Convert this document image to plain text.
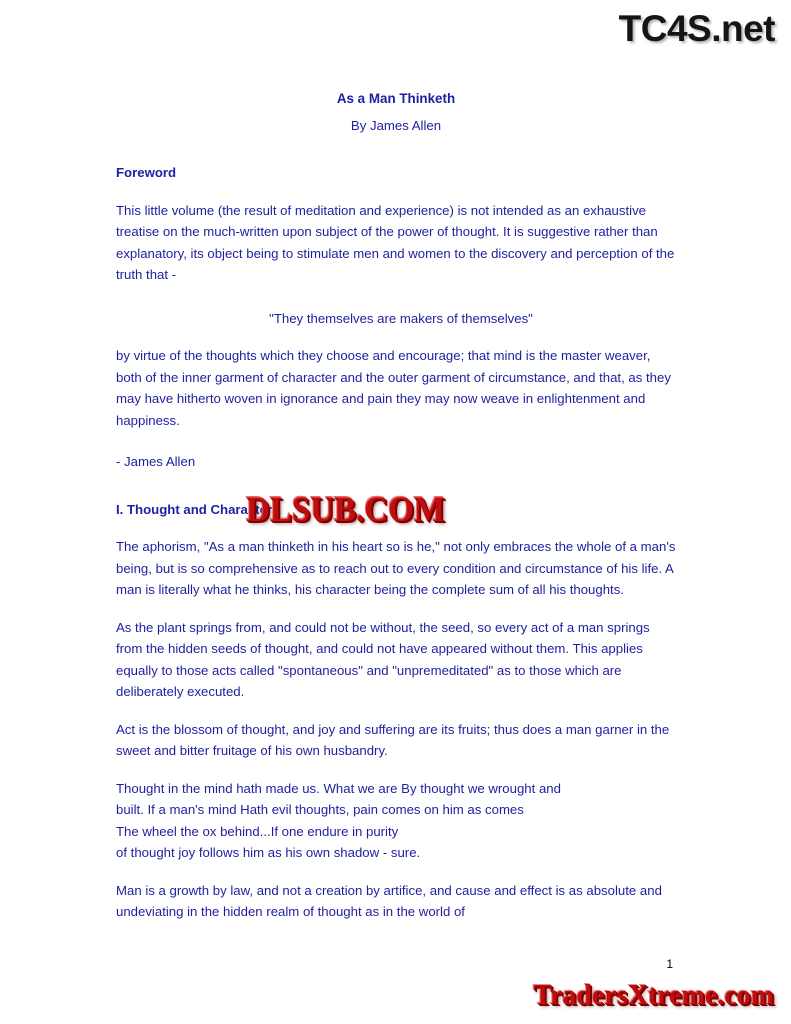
TC4S.net
As a Man Thinketh
By James Allen
Foreword

This little volume (the result of meditation and experience) is not intended as an exhaustive treatise on the much-written upon subject of the power of thought. It is suggestive rather than explanatory, its object being to stimulate men and women to the discovery and perception of the truth that -

"They themselves are makers of themselves"

by virtue of the thoughts which they choose and encourage; that mind is the master weaver, both of the inner garment of character and the outer garment of circumstance, and that, as they may have hitherto woven in ignorance and pain they may now weave in enlightenment and happiness.

- James Allen

I. Thought and Character

The aphorism, "As a man thinketh in his heart so is he," not only embraces the whole of a man's being, but is so comprehensive as to reach out to every condition and circumstance of his life. A man is literally what he thinks, his character being the complete sum of all his thoughts.

As the plant springs from, and could not be without, the seed, so every act of a man springs from the hidden seeds of thought, and could not have appeared without them. This applies equally to those acts called "spontaneous" and "unpremeditated" as to those which are deliberately executed.

Act is the blossom of thought, and joy and suffering are its fruits; thus does a man garner in the sweet and bitter fruitage of his own husbandry.

Thought in the mind hath made us. What we are By thought we wrought and
built. If a man's mind Hath evil thoughts, pain comes on him as comes
The wheel the ox behind...If one endure in purity
of thought joy follows him as his own shadow - sure.

Man is a growth by law, and not a creation by artifice, and cause and effect is as absolute and undeviating in the hidden realm of thought as in the world of

DLSUB.COM
1
TradersXtreme.com
